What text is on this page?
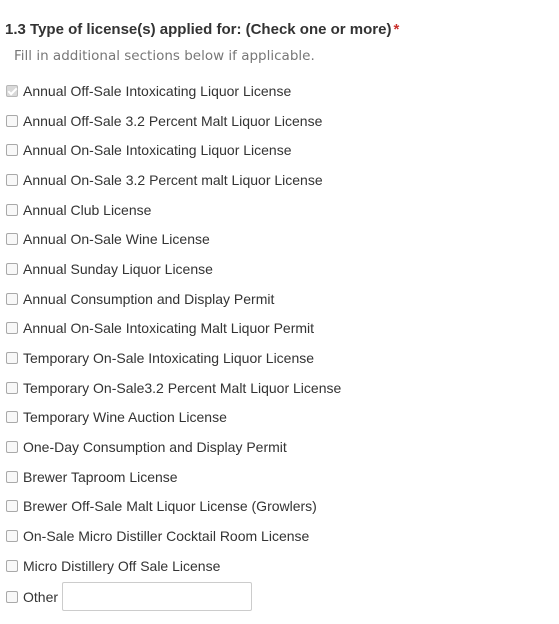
1.3 Type of license(s) applied for: (Check one or more) *
Fill in additional sections below if applicable.
Annual Off-Sale Intoxicating Liquor License
Annual Off-Sale 3.2 Percent Malt Liquor License
Annual On-Sale Intoxicating Liquor License
Annual On-Sale 3.2 Percent malt Liquor License
Annual Club License
Annual On-Sale Wine License
Annual Sunday Liquor License
Annual Consumption and Display Permit
Annual On-Sale Intoxicating Malt Liquor Permit
Temporary On-Sale Intoxicating Liquor License
Temporary On-Sale3.2 Percent Malt Liquor License
Temporary Wine Auction License
One-Day Consumption and Display Permit
Brewer Taproom License
Brewer Off-Sale Malt Liquor License (Growlers)
On-Sale Micro Distiller Cocktail Room License
Micro Distillery Off Sale License
Other
